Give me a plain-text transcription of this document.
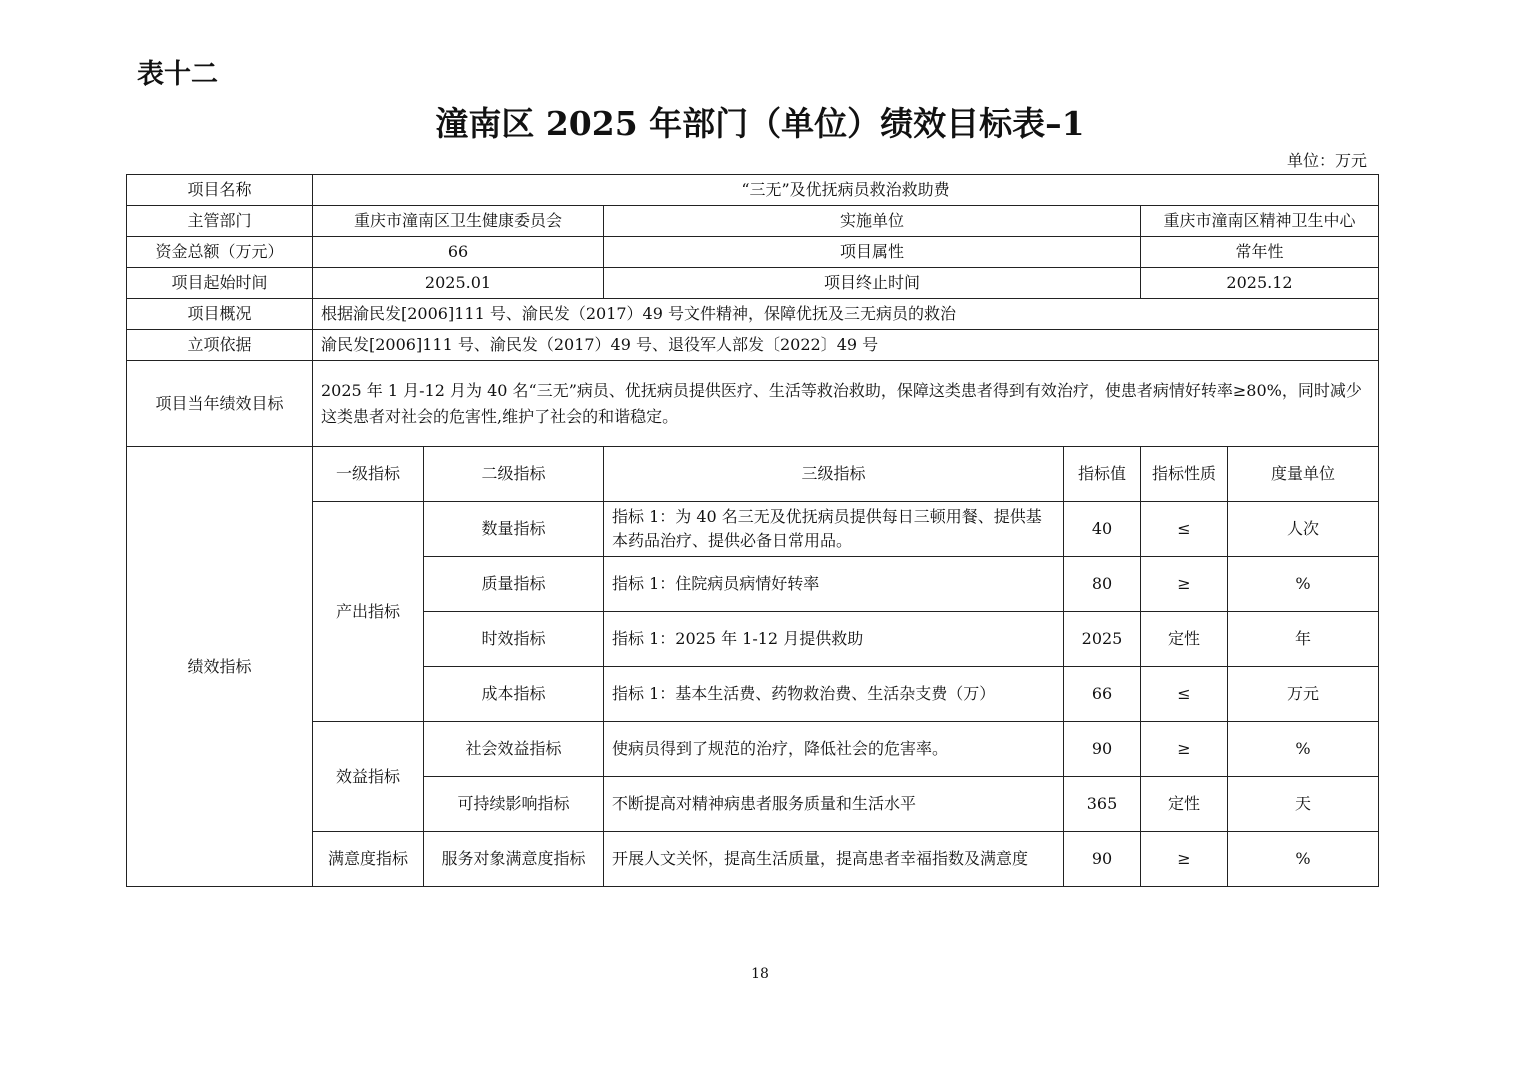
表十二
潼南区 2025 年部门（单位）绩效目标表–1
单位：万元
项目名称	“三无”及优抚病员救治救助费					
主管部门	重庆市潼南区卫生健康委员会		实施单位		重庆市潼南区精神卫生中心	
资金总额（万元）	66		项目属性		常年性	
项目起始时间	2025.01		项目终止时间		2025.12	
项目概况	根据渝民发[2006]111 号、渝民发（2017）49 号文件精神，保障优抚及三无病员的救治					
立项依据	渝民发[2006]111 号、渝民发（2017）49 号、退役军人部发〔2022〕49 号					
项目当年绩效目标	2025 年 1 月-12 月为 40 名“三无”病员、优抚病员提供医疗、生活等救治救助，保障这类患者得到有效治疗，使患者病情好转率≥80%，同时减少这类患者对社会的危害性,维护了社会的和谐稳定。					
绩效指标	一级指标	二级指标	三级指标	指标值	指标性质	度量单位
	产出指标	数量指标	指标 1：为 40 名三无及优抚病员提供每日三顿用餐、提供基本药品治疗、提供必备日常用品。	40	≤	人次
		质量指标	指标 1：住院病员病情好转率	80	≥	%
		时效指标	指标 1：2025 年 1-12 月提供救助	2025	定性	年
		成本指标	指标 1：基本生活费、药物救治费、生活杂支费（万）	66	≤	万元
	效益指标	社会效益指标	使病员得到了规范的治疗，降低社会的危害率。	90	≥	%
		可持续影响指标	不断提高对精神病患者服务质量和生活水平	365	定性	天
	满意度指标	服务对象满意度指标	开展人文关怀，提高生活质量，提高患者幸福指数及满意度	90	≥	%
18
